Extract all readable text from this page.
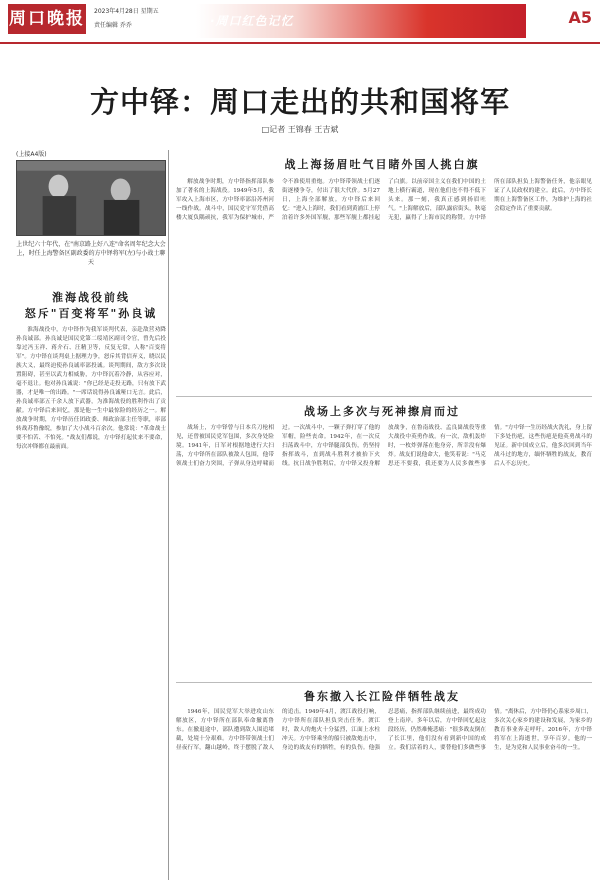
周口晚报 2023年4月28日 星期五
责任编辑 乔乔	·周口红色记忆	A5
方中铎：周口走出的共和国将军
□记者 王锦春 王吉斌
(上接A4版)
上世纪六十年代，在"南京路上好八连"命名周年纪念大会上，时任上海警备区副政委的方中铎将军(左)与小战士聊天
淮海战役前线
怒斥"百变将军"孙良诚

淮海战役中，方中铎作为我军谈判代表，亲赴敌营劝降孙良诚部。孙良诚是国民党第二绥靖区副司令官，曾先后投靠过冯玉祥、蒋介石、汪精卫等，反复无常，人称"百变将军"。方中铎在谈判桌上据理力争，怒斥其背信弃义，晓以民族大义，最终迫使孙良诚率部投诚。谈判期间，敌方多次设置阻碍，甚至以武力相威胁，方中铎沉着冷静，从容应对，毫不退让。他对孙良诚说："你已经是走投无路，只有放下武器，才是唯一的出路。"一席话说得孙良诚哑口无言。此后，孙良诚率部五千余人放下武器，为淮海战役的胜利作出了贡献。方中铎后来回忆，那是他一生中最惊险的经历之一。解放战争时期，方中铎历任团政委、师政治部主任等职，率部转战苏鲁豫皖，参加了大小战斗百余次。他常说："革命战士要不怕苦、不怕死。"战友们都说，方中铎打起仗来不要命，每次冲锋都在最前面。

战上海扬眉吐气目睹外国人挑白旗

解放战争时期，方中铎指挥部队参加了著名的上海战役。1949年5月，我军攻入上海市区，方中铎率部沿苏州河一线作战。战斗中，国民党守军凭借高楼大厦负隅顽抗，我军为保护城市，严令不准使用重炮。方中铎带领战士们逐街逐楼争夺，付出了很大代价。5月27日，上海全部解放。方中铎后来回忆："进入上海时，我们看到黄浦江上停泊着许多外国军舰，那些军舰上都挂起了白旗。以前帝国主义在我们中国的土地上横行霸道，现在他们也不得不低下头来。那一刻，我真正感到扬眉吐气。"上海解放后，部队露宿街头，秋毫无犯，赢得了上海市民的称赞。方中铎所在部队担负上海警备任务，他亲眼见证了人民政权的建立。此后，方中铎长期在上海警备区工作，为维护上海的社会稳定作出了重要贡献。

战场上多次与死神擦肩而过

战场上，方中铎曾与日本兵刀枪相见，还曾被国民党军包围，多次身处险境。1941年，日军对根据地进行大扫荡，方中铎所在部队被敌人包围，他带领战士们奋力突围，子弹从身边呼啸而过。一次战斗中，一颗子弹打穿了他的军帽，险些丧命。1942年，在一次反扫荡战斗中，方中铎腿部负伤，仍坚持指挥战斗，直到战斗胜利才被抬下火线。抗日战争胜利后，方中铎又投身解放战争，在鲁南战役、孟良崮战役等重大战役中英勇作战。有一次，敌机轰炸时，一枚炸弹落在他身旁，所幸没有爆炸。战友们说他命大，他笑着说："马克思还不要我，我还要为人民多做些事情。"方中铎一生历经战火洗礼，身上留下多处伤疤，这些伤疤是他英勇战斗的见证。新中国成立后，他多次回到当年战斗过的地方，缅怀牺牲的战友，教育后人不忘历史。

鲁东撤入长江险伴牺牲战友

1946年，国民党军大举进攻山东解放区，方中铎所在部队奉命撤离鲁东。在撤退途中，部队遭到敌人围追堵截，处境十分艰难。方中铎带领战士们昼夜行军，翻山越岭，终于摆脱了敌人的追击。1949年4月，渡江战役打响，方中铎所在部队担负突击任务。渡江时，敌人的炮火十分猛烈，江面上水柱冲天。方中铎乘坐的船只被敌炮击中，身边的战友有的牺牲，有的负伤。他强忍悲痛，指挥部队继续前进，最终成功登上南岸。多年以后，方中铎回忆起这段经历，仍然难掩悲痛："很多战友倒在了长江里，他们没有看到新中国的成立。我们活着的人，要替他们多做些事情。"离休后，方中铎仍心系家乡周口，多次关心家乡的建设和发展，为家乡的教育事业奔走呼吁。2016年，方中铎将军在上海逝世，享年百岁。他的一生，是为党和人民事业奋斗的一生。
